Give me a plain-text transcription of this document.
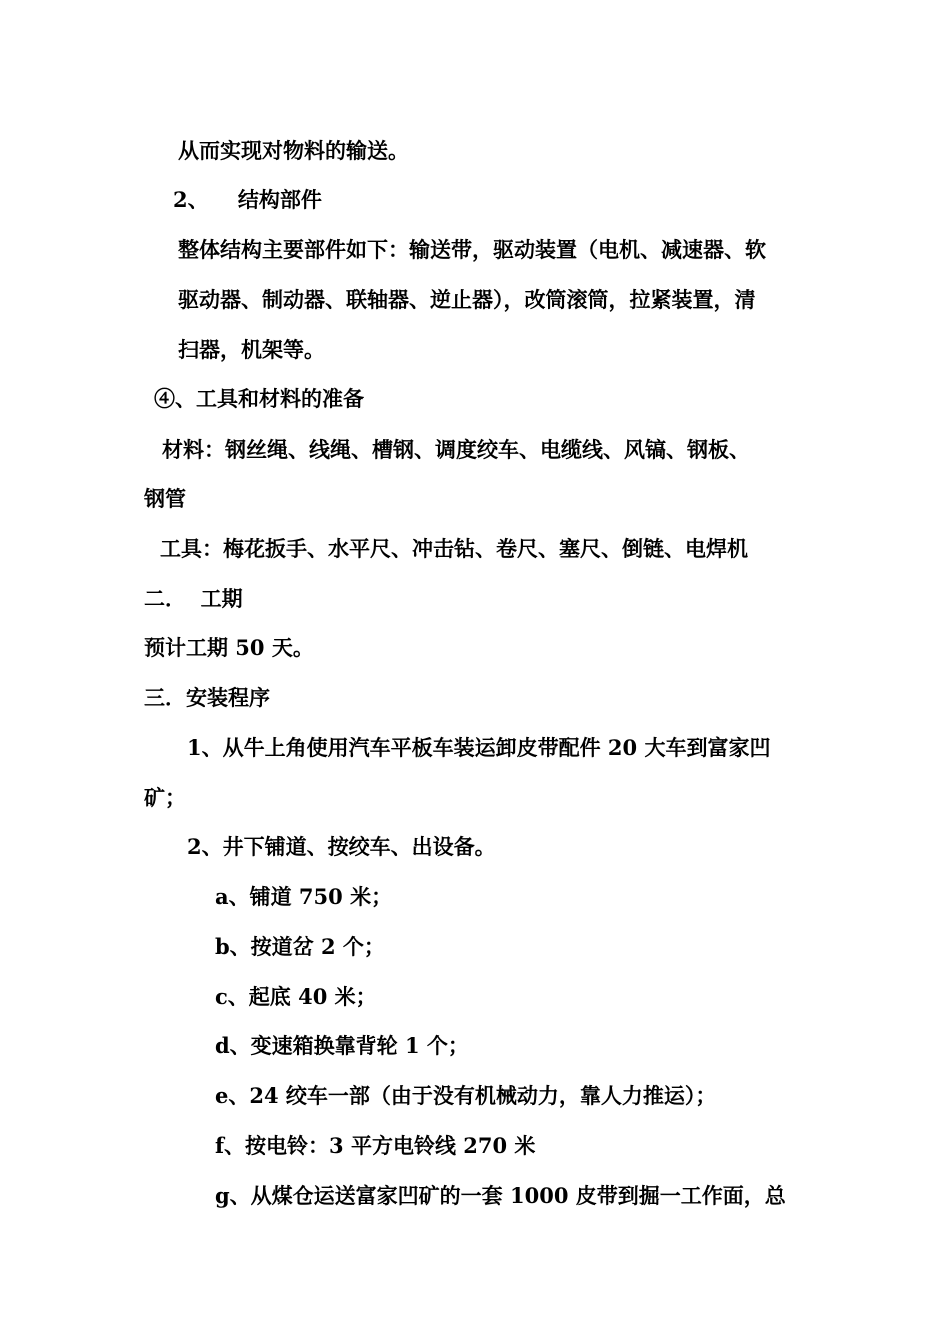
从而实现对物料的输送。
2、    结构部件
整体结构主要部件如下：输送带，驱动装置（电机、减速器、软
驱动器、制动器、联轴器、逆止器），改筒滚筒，拉紧装置，清
扫器，机架等。
④、工具和材料的准备
材料：钢丝绳、线绳、槽钢、调度绞车、电缆线、风镐、钢板、
钢管
工具：梅花扳手、水平尺、冲击钻、卷尺、塞尺、倒链、电焊机
二．  工期
预计工期 50 天。
三．安装程序
1、从牛上角使用汽车平板车装运卸皮带配件 20 大车到富家凹
矿；
2、井下铺道、按绞车、出设备。
a、铺道 750 米；
b、按道岔 2 个；
c、起底 40 米；
d、变速箱换靠背轮 1 个；
e、24 绞车一部（由于没有机械动力，靠人力推运）；
f、按电铃：3 平方电铃线 270 米
g、从煤仓运送富家凹矿的一套 1000 皮带到掘一工作面，总
